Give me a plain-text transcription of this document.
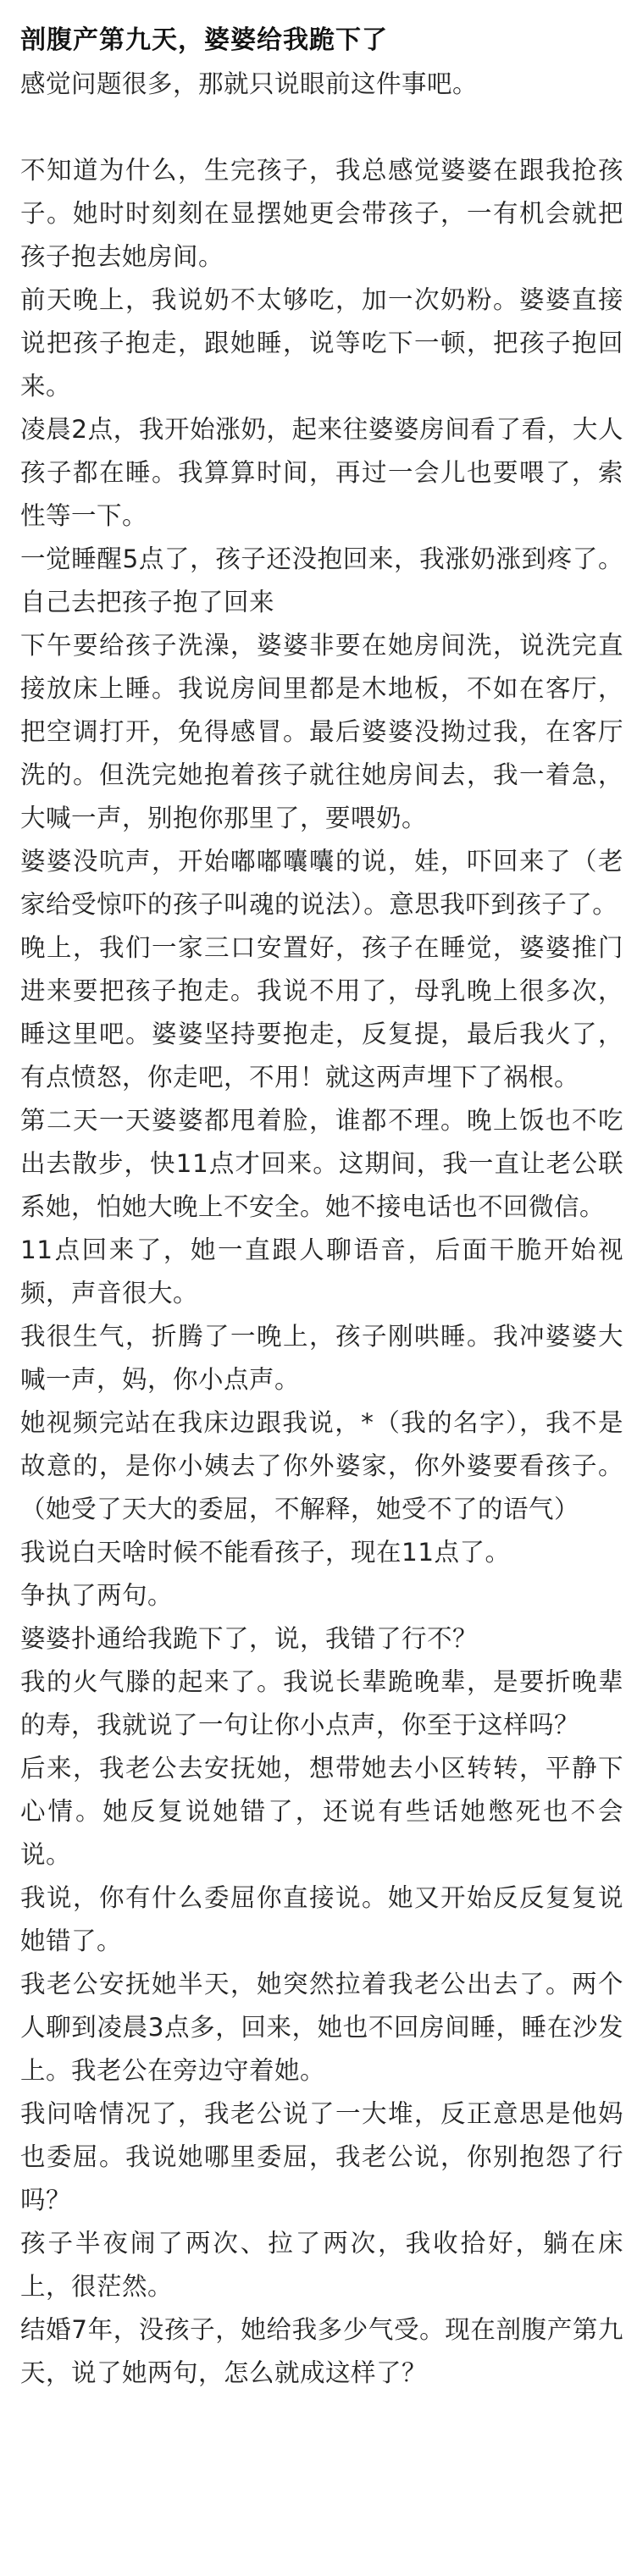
剖腹产第九天，婆婆给我跪下了

感觉问题很多，那就只说眼前这件事吧。

不知道为什么，生完孩子，我总感觉婆婆在跟我抢孩子。她时时刻刻在显摆她更会带孩子，一有机会就把孩子抱去她房间。

前天晚上，我说奶不太够吃，加一次奶粉。婆婆直接说把孩子抱走，跟她睡，说等吃下一顿，把孩子抱回来。

凌晨2点，我开始涨奶，起来往婆婆房间看了看，大人孩子都在睡。我算算时间，再过一会儿也要喂了，索性等一下。

一觉睡醒5点了，孩子还没抱回来，我涨奶涨到疼了。自己去把孩子抱了回来

下午要给孩子洗澡，婆婆非要在她房间洗，说洗完直接放床上睡。我说房间里都是木地板，不如在客厅，把空调打开，免得感冒。最后婆婆没拗过我，在客厅洗的。但洗完她抱着孩子就往她房间去，我一着急，大喊一声，别抱你那里了，要喂奶。

婆婆没吭声，开始嘟嘟囔囔的说，娃，吓回来了（老家给受惊吓的孩子叫魂的说法）。意思我吓到孩子了。

晚上，我们一家三口安置好，孩子在睡觉，婆婆推门进来要把孩子抱走。我说不用了，母乳晚上很多次，睡这里吧。婆婆坚持要抱走，反复提，最后我火了，有点愤怒，你走吧，不用！就这两声埋下了祸根。

第二天一天婆婆都甩着脸，谁都不理。晚上饭也不吃出去散步，快11点才回来。这期间，我一直让老公联系她，怕她大晚上不安全。她不接电话也不回微信。

11点回来了，她一直跟人聊语音，后面干脆开始视频，声音很大。

我很生气，折腾了一晚上，孩子刚哄睡。我冲婆婆大喊一声，妈，你小点声。

她视频完站在我床边跟我说，*（我的名字），我不是故意的，是你小姨去了你外婆家，你外婆要看孩子。（她受了天大的委屈，不解释，她受不了的语气）

我说白天啥时候不能看孩子，现在11点了。

争执了两句。

婆婆扑通给我跪下了，说，我错了行不？

我的火气滕的起来了。我说长辈跪晚辈，是要折晚辈的寿，我就说了一句让你小点声，你至于这样吗？

后来，我老公去安抚她，想带她去小区转转，平静下心情。她反复说她错了，还说有些话她憋死也不会说。

我说，你有什么委屈你直接说。她又开始反反复复说她错了。

我老公安抚她半天，她突然拉着我老公出去了。两个人聊到凌晨3点多，回来，她也不回房间睡，睡在沙发上。我老公在旁边守着她。

我问啥情况了，我老公说了一大堆，反正意思是他妈也委屈。我说她哪里委屈，我老公说，你别抱怨了行吗？

孩子半夜闹了两次、拉了两次，我收拾好，躺在床上，很茫然。

结婚7年，没孩子，她给我多少气受。现在剖腹产第九天，说了她两句，怎么就成这样了？
